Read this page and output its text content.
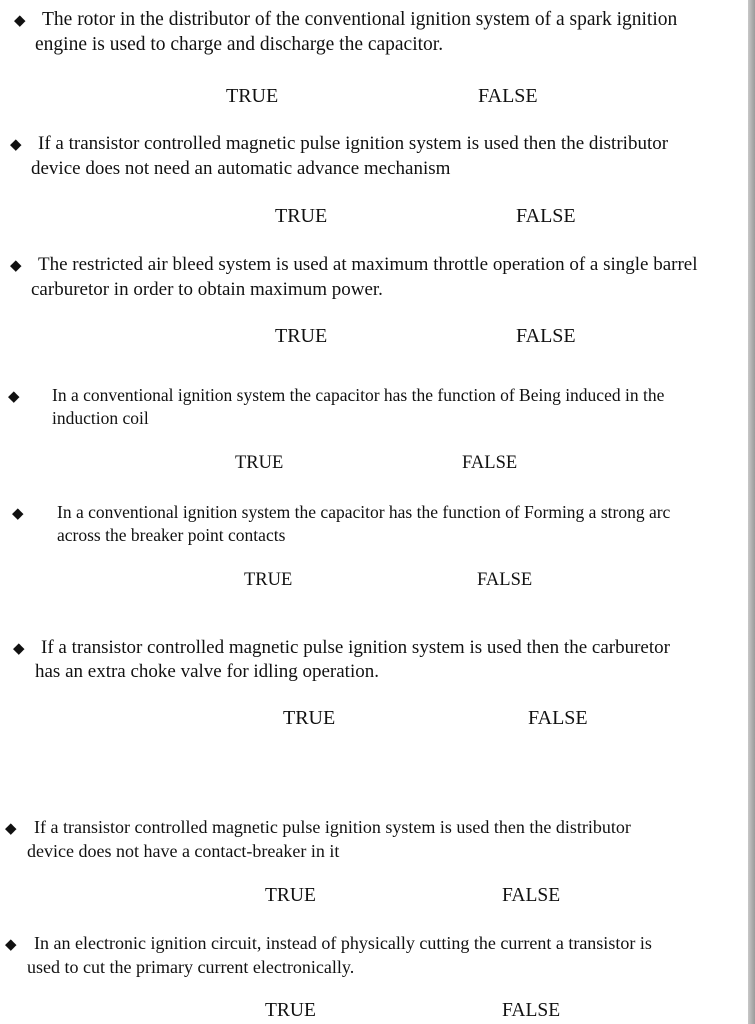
◆ The rotor in the distributor of the conventional ignition system of a spark ignition

engine is used to charge and discharge the capacitor.

TRUE	FALSE
◆ If a transistor controlled magnetic pulse ignition system is used then the distributor

device does not need an automatic advance mechanism

TRUE	FALSE
◆ The restricted air bleed system is used at maximum throttle operation of a single barrel

carburetor in order to obtain maximum power.

TRUE	FALSE
◆ In a conventional ignition system the capacitor has the function of Being induced in the

induction coil

TRUE	FALSE
◆ In a conventional ignition system the capacitor has the function of Forming a strong arc

across the breaker point contacts

TRUE	FALSE
◆ If a transistor controlled magnetic pulse ignition system is used then the carburetor

has an extra choke valve for idling operation.

TRUE	FALSE
◆ If a transistor controlled magnetic pulse ignition system is used then the distributor

device does not have a contact-breaker in it

TRUE	FALSE
◆ In an electronic ignition circuit, instead of physically cutting the current a transistor is

used to cut the primary current electronically.

TRUE	FALSE
